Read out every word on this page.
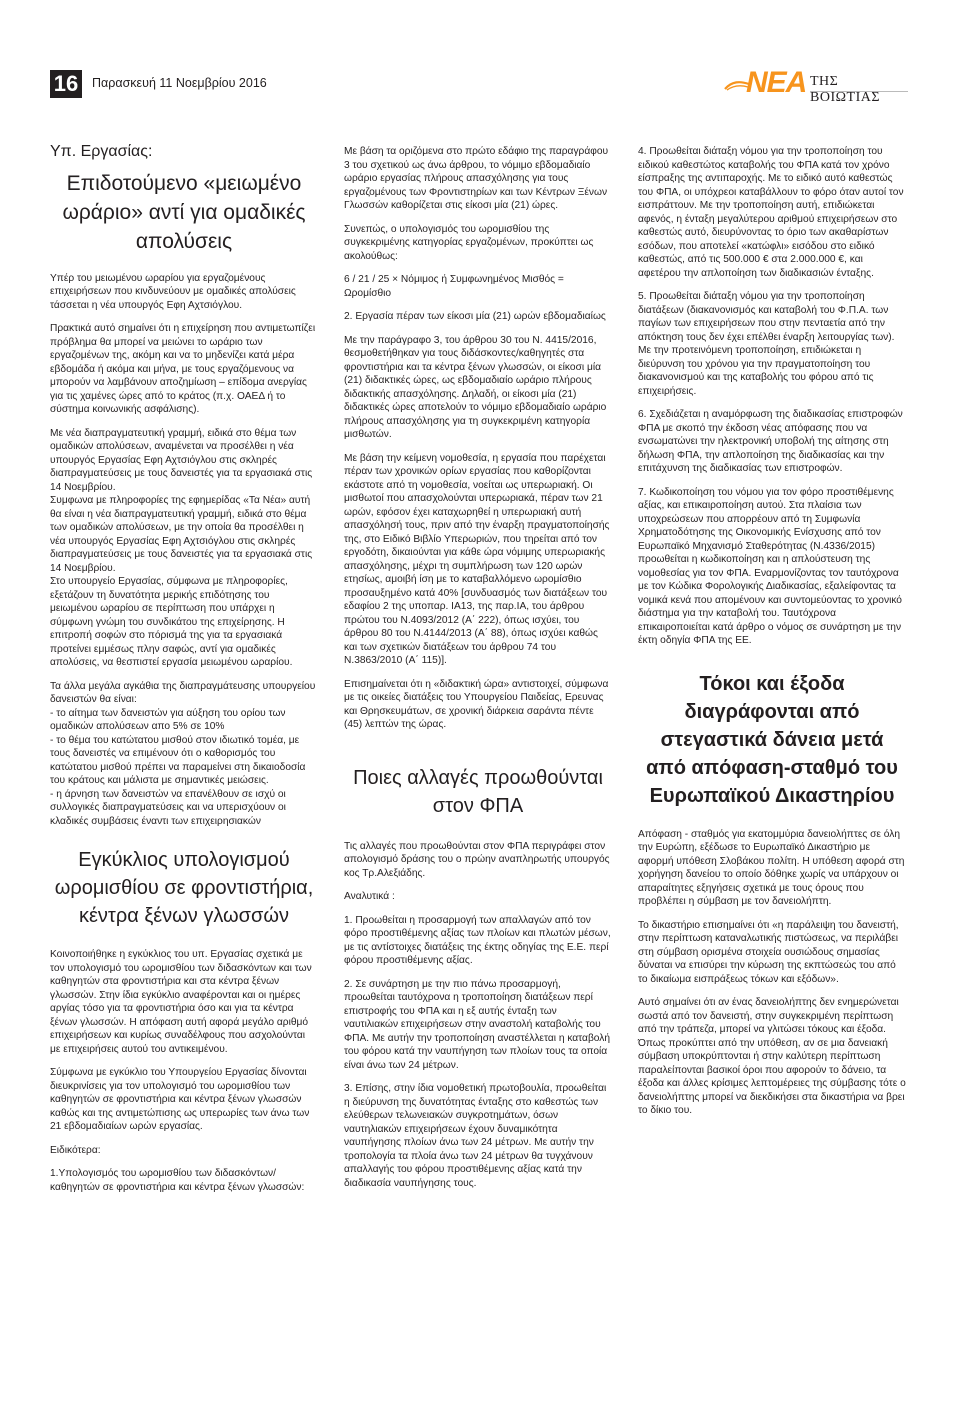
16	Παρασκευή 11 Νοεμβρίου 2016	ΝΕΑ ΤΗΣ ΒΟΙΩΤΙΑΣ
Υπ. Εργασίας:
Επιδοτούμενο «μειωμένο ωράριο» αντί για ομαδικές απολύσεις

Υπέρ του μειωμένου ωραρίου για εργαζομένους επιχειρήσεων που κινδυνεύουν με ομαδικές απολύσεις τάσσεται η νέα υπουργός Εφη Αχτσιόγλου.

Πρακτικά αυτό σημαίνει ότι η επιχείρηση που αντιμετωπίζει πρόβλημα θα μπορεί να μειώνει το ωράριο των εργαζομένων της, ακόμη και να το μηδενίζει κατά μέρα εβδομάδα ή ακόμα και μήνα, με τους εργαζόμενους να μπορούν να λαμβάνουν αποζημίωση – επίδομα ανεργίας για τις χαμένες ώρες από το κράτος (π.χ. ΟΑΕΔ ή το σύστημα κοινωνικής ασφάλισης).

Με νέα διαπραγματευτική γραμμή, ειδικά στο θέμα των ομαδικών απολύσεων, αναμένεται να προσέλθει η νέα υπουργός Εργασίας Εφη Αχτσιόγλου στις σκληρές διαπραγματεύσεις με τους δανειστές για τα εργασιακά στις 14 Νοεμβρίου.

Συμφωνα με πληροφορίες της εφημερίδας «Τα Νέα» αυτή θα είναι η νέα διαπραγματευτική γραμμή, ειδικά στο θέμα των ομαδικών απολύσεων, με την οποία θα προσέλθει η νέα υπουργός Εργασίας Εφη Αχτσιόγλου στις σκληρές διαπραγματεύσεις με τους δανειστές για τα εργασιακά στις 14 Νοεμβρίου.

Στο υπουργείο Εργασίας, σύμφωνα με πληροφορίες, εξετάζουν τη δυνατότητα μερικής επιδότησης του μειωμένου ωραρίου σε περίπτωση που υπάρχει η σύμφωνη γνώμη του συνδικάτου της επιχείρησης. Η επιτροπή σοφών στο πόρισμά της για τα εργασιακά προτείνει εμμέσως πλην σαφώς, αντί για ομαδικές απολύσεις, να θεσπιστεί εργασία μειωμένου ωραρίου.

Τα άλλα μεγάλα αγκάθια της διαπραγμάτευσης υπουργείου δανειστών θα είναι:

- το αίτημα των δανειστών για αύξηση του ορίου των ομαδικών απολύσεων απο 5% σε 10%

- το θέμα του κατώτατου μισθού στον ιδιωτικό τομέα, με τους δανειστές να επιμένουν ότι ο καθορισμός του κατώτατου μισθού πρέπει να παραμείνει στη δικαιοδοσία του κράτους και μάλιστα με σημαντικές μειώσεις.

- η άρνηση των δανειστών να επανέλθουν σε ισχύ οι συλλογικές διαπραγματεύσεις και να υπερισχύουν οι κλαδικές συμβάσεις έναντι των επιχειρησιακών

Εγκύκλιος υπολογισμού ωρομισθίου σε φροντιστήρια, κέντρα ξένων γλωσσών

Κοινοποιήθηκε η εγκύκλιος του υπ. Εργασίας σχετικά με τον υπολογισμό του ωρομισθίου των διδασκόντων και των καθηγητών στα φροντιστήρια και στα κέντρα ξένων γλωσσών. Στην ίδια εγκύκλιο αναφέρονται και οι ημέρες αργίας τόσο για τα φροντιστήρια όσο και για τα κέντρα ξένων γλωσσών. Η απόφαση αυτή αφορά μεγάλο αριθμό επιχειρήσεων και κυρίως συναδέλφους που ασχολούνται με επιχειρήσεις αυτού του αντικειμένου.

Σύμφωνα με εγκύκλιο του Υπουργείου Εργασίας δίνονται διευκρινίσεις για τον υπολογισμό του ωρομισθίου των καθηγητών σε φροντιστήρια και κέντρα ξένων γλωσσών καθώς και της αντιμετώπισης ως υπερωρίες των άνω των 21 εβδομαδιαίων ωρών εργασίας.

Ειδικότερα:

1.Υπολογισμός του ωρομισθίου των διδασκόντων/καθηγητών σε φροντιστήρια και κέντρα ξένων γλωσσών:

Με βάση τα οριζόμενα στο πρώτο εδάφιο της παραγράφου 3 του σχετικού ως άνω άρθρου, το νόμιμο εβδομαδιαίο ωράριο εργασίας πλήρους απασχόλησης για τους εργαζομένους των Φροντιστηρίων και των Κέντρων Ξένων Γλωσσών καθορίζεται στις είκοσι μία (21) ώρες.

Συνεπώς, ο υπολογισμός του ωρομισθίου της συγκεκριμένης κατηγορίας εργαζομένων, προκύπτει ως ακολούθως:

6 / 21 / 25 × Νόμιμος ή Συμφωνημένος Μισθός = Ωρομίσθιο

2. Εργασία πέραν των είκοσι μία (21) ωρών εβδομαδιαίως

Με την παράγραφο 3, του άρθρου 30 του Ν. 4415/2016, θεσμοθετήθηκαν για τους διδάσκοντες/καθηγητές στα φροντιστήρια και τα κέντρα ξένων γλωσσών, οι είκοσι μία (21) διδακτικές ώρες, ως εβδομαδιαίο ωράριο πλήρους διδακτικής απασχόλησης. Δηλαδή, οι είκοσι μία (21) διδακτικές ώρες αποτελούν το νόμιμο εβδομαδιαίο ωράριο πλήρους απασχόλησης για τη συγκεκριμένη κατηγορία μισθωτών.

Με βάση την κείμενη νομοθεσία, η εργασία που παρέχεται πέραν των χρονικών ορίων εργασίας που καθορίζονται εκάστοτε από τη νομοθεσία, νοείται ως υπερωριακή. Οι μισθωτοί που απασχολούνται υπερωριακά, πέραν των 21 ωρών, εφόσον έχει καταχωρηθεί η υπερωριακή αυτή απασχόλησή τους, πριν από την έναρξη πραγματοποίησής της, στο Ειδικό Βιβλίο Υπερωριών, που τηρείται από τον εργοδότη, δικαιούνται για κάθε ώρα νόμιμης υπερωριακής απασχόλησης, μέχρι τη συμπλήρωση των 120 ωρών ετησίως, αμοιβή ίση με το καταβαλλόμενο ωρομίσθιο προσαυξημένο κατά 40% [συνδυασμός των διατάξεων του εδαφίου 2 της υποπαρ. ΙΑ13, της παρ.ΙΑ, του άρθρου πρώτου του Ν.4093/2012 (Α΄ 222), όπως ισχύει, του άρθρου 80 του Ν.4144/2013 (Α΄ 88), όπως ισχύει καθώς και των σχετικών διατάξεων του άρθρου 74 του Ν.3863/2010 (Α΄ 115)].

Επισημαίνεται ότι η «διδακτική ώρα» αντιστοιχεί, σύμφωνα με τις οικείες διατάξεις του Υπουργείου Παιδείας, Ερευνας και Θρησκευμάτων, σε χρονική διάρκεια σαράντα πέντε (45) λεπτών της ώρας.

Ποιες αλλαγές προωθούνται στον ΦΠΑ

Τις αλλαγές που προωθούνται στον ΦΠΑ περιγράφει στον απολογισμό δράσης του ο πρώην αναπληρωτής υπουργός κος Τρ.Αλεξιάδης.

Αναλυτικά :

1. Προωθείται η προσαρμογή των απαλλαγών από τον φόρο προστιθέμενης αξίας των πλοίων και πλωτών μέσων, με τις αντίστοιχες διατάξεις της έκτης οδηγίας της Ε.Ε. περί φόρου προστιθέμενης αξίας.

2. Σε συνάρτηση με την πιο πάνω προσαρμογή, προωθείται ταυτόχρονα η τροποποίηση διατάξεων περί επιστροφής του ΦΠΑ και η εξ αυτής ένταξη των ναυτιλιακών επιχειρήσεων στην αναστολή καταβολής του ΦΠΑ. Με αυτήν την τροποποίηση αναστέλλεται η καταβολή του φόρου κατά την ναυπήγηση των πλοίων τους τα οποία είναι άνω των 24 μέτρων.

3. Επίσης, στην ίδια νομοθετική πρωτοβουλία, προωθείται η διεύρυνση της δυνατότητας ένταξης στο καθεστώς των ελεύθερων τελωνειακών συγκροτημάτων, όσων ναυτηλιακών επιχειρήσεων έχουν δυναμικότητα ναυπήγησης πλοίων άνω των 24 μέτρων. Με αυτήν την τροπολογία τα πλοία άνω των 24 μέτρων θα τυγχάνουν απαλλαγής του φόρου προστιθέμενης αξίας κατά την διαδικασία ναυπήγησης τους.

4. Προωθείται διάταξη νόμου για την τροποποίηση του ειδικού καθεστώτος καταβολής του ΦΠΑ κατά τον χρόνο είσπραξης της αντιπαροχής. Με το ειδικό αυτό καθεστώς του ΦΠΑ, οι υπόχρεοι καταβάλλουν το φόρο όταν αυτοί τον εισπράττουν. Με την τροποποίηση αυτή, επιδιώκεται αφενός, η ένταξη μεγαλύτερου αριθμού επιχειρήσεων στο καθεστώς αυτό, διευρύνοντας το όριο των ακαθαρίστων εσόδων, που αποτελεί «κατώφλι» εισόδου στο ειδικό καθεστώς, από τις 500.000 € στα 2.000.000 €, και αφετέρου την απλοποίηση των διαδικασιών ένταξης.

5. Προωθείται διάταξη νόμου για την τροποποίηση διατάξεων (διακανονισμός και καταβολή του Φ.Π.Α. των παγίων των επιχειρήσεων που στην πενταετία από την απόκτηση τους δεν έχει επέλθει έναρξη λειτουργίας των). Με την προτεινόμενη τροποποίηση, επιδιώκεται η διεύρυνση του χρόνου για την πραγματοποίηση του διακανονισμού και της καταβολής του φόρου από τις επιχειρήσεις.

6. Σχεδιάζεται η αναμόρφωση της διαδικασίας επιστροφών ΦΠΑ με σκοπό την έκδοση νέας απόφασης που να ενσωματώνει την ηλεκτρονική υποβολή της αίτησης στη δήλωση ΦΠΑ, την απλοποίηση της διαδικασίας και την επιτάχυνση της διαδικασίας των επιστροφών.

7. Κωδικοποίηση του νόμου για τον φόρο προστιθέμενης αξίας, και επικαιροποίηση αυτού. Στα πλαίσια των υποχρεώσεων που απορρέουν από τη Συμφωνία Χρηματοδότησης της Οικονομικής Ενίσχυσης από τον Ευρωπαϊκό Μηχανισμό Σταθερότητας (Ν.4336/2015) προωθείται η κωδικοποίηση και η απλούστευση της νομοθεσίας για τον ΦΠΑ. Εναρμονίζοντας τον ταυτόχρονα με τον Κώδικα Φορολογικής Διαδικασίας, εξαλείφοντας τα νομικά κενά που απομένουν και συντομεύοντας το χρονικό διάστημα για την καταβολή του. Ταυτόχρονα επικαιροποιείται κατά άρθρο ο νόμος σε συνάρτηση με την έκτη οδηγία ΦΠΑ της ΕΕ.

Τόκοι και έξοδα διαγράφονται από στεγαστικά δάνεια μετά από απόφαση-σταθμό του Ευρωπαϊκού Δικαστηρίου

Απόφαση - σταθμός για εκατομμύρια δανειολήπτες σε όλη την Ευρώπη, εξέδωσε το Ευρωπαϊκό Δικαστήριο με αφορμή υπόθεση Σλοβάκου πολίτη. Η υπόθεση αφορά στη χορήγηση δανείου το οποίο δόθηκε χωρίς να υπάρχουν οι απαραίτητες εξηγήσεις σχετικά με τους όρους που προβλέπει η σύμβαση με τον δανειολήπτη.

Το δικαστήριο επισημαίνει ότι «η παράλειψη του δανειστή, στην περίπτωση καταναλωτικής πιστώσεως, να περιλάβει στη σύμβαση ορισμένα στοιχεία ουσιώδους σημασίας δύναται να επισύρει την κύρωση της εκπτώσεώς του από το δικαίωμα εισπράξεως τόκων και εξόδων».

Αυτό σημαίνει ότι αν ένας δανειολήπτης δεν ενημερώνεται σωστά από τον δανειστή, στην συγκεκριμένη περίπτωση από την τράπεζα, μπορεί να γλιτώσει τόκους και έξοδα. Όπως προκύπτει από την υπόθεση, αν σε μια δανειακή σύμβαση υποκρύπτονται ή στην καλύτερη περίπτωση παραλείπονται βασικοί όροι που αφορούν το δάνειο, τα έξοδα και άλλες κρίσιμες λεπτομέρειες της σύμβασης τότε ο δανειολήπτης μπορεί να διεκδικήσει στα δικαστήρια να βρει το δίκιο του.
